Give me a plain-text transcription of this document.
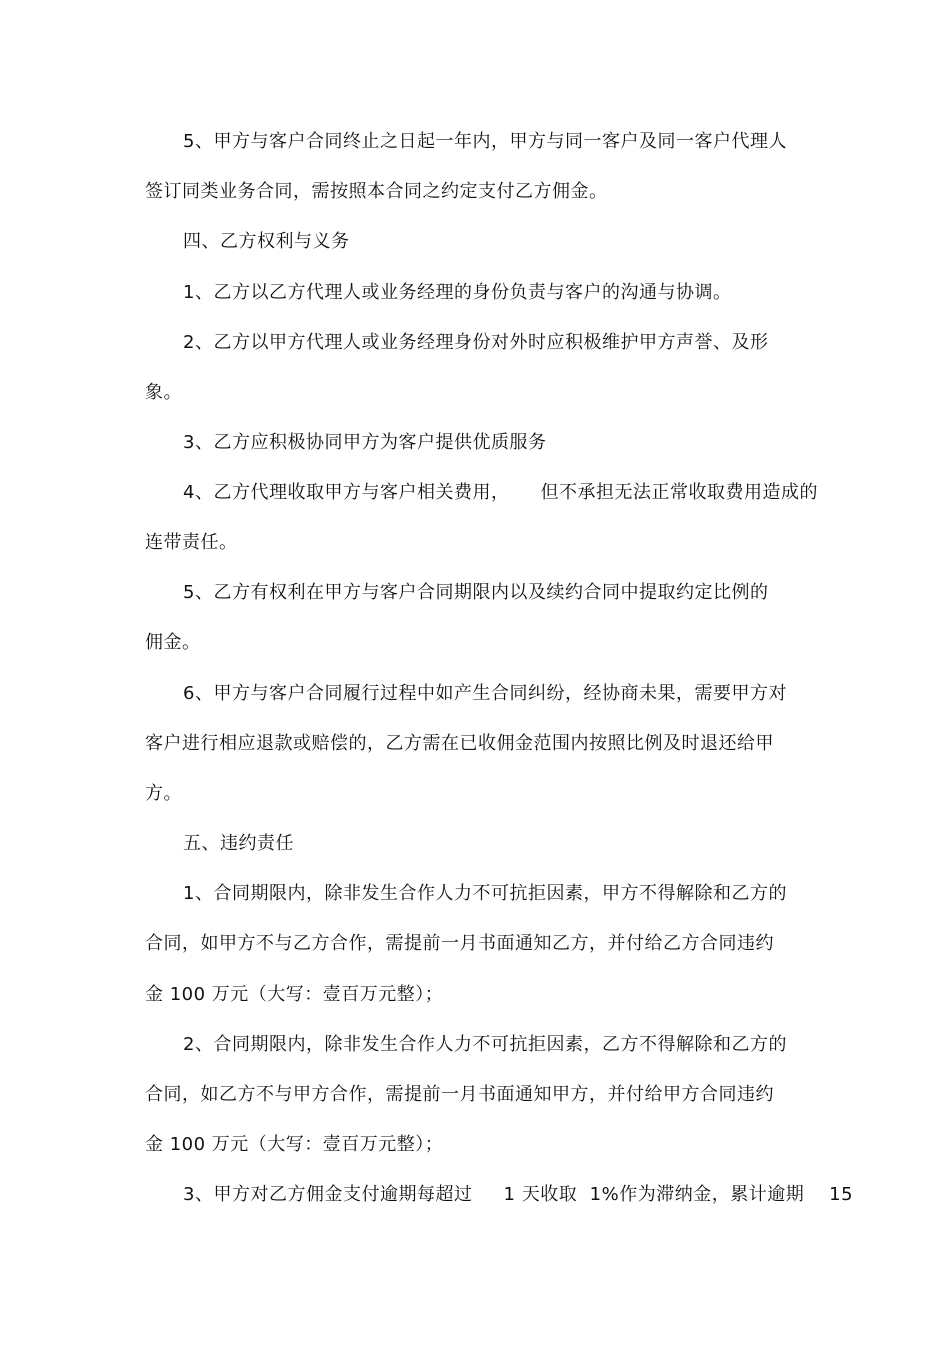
5、甲方与客户合同终止之日起一年内，甲方与同一客户及同一客户代理人
签订同类业务合同，需按照本合同之约定支付乙方佣金。
四、乙方权利与义务
1、乙方以乙方代理人或业务经理的身份负责与客户的沟通与协调。
2、乙方以甲方代理人或业务经理身份对外时应积极维护甲方声誉、及形
象。
3、乙方应积极协同甲方为客户提供优质服务
4、乙方代理收取甲方与客户相关费用，     但不承担无法正常收取费用造成的
连带责任。
5、乙方有权利在甲方与客户合同期限内以及续约合同中提取约定比例的
佣金。
6、甲方与客户合同履行过程中如产生合同纠纷，经协商未果，需要甲方对
客户进行相应退款或赔偿的，乙方需在已收佣金范围内按照比例及时退还给甲
方。
五、违约责任
1、合同期限内，除非发生合作人力不可抗拒因素，甲方不得解除和乙方的
合同，如甲方不与乙方合作，需提前一月书面通知乙方，并付给乙方合同违约
金 100 万元（大写：壹百万元整）；
2、合同期限内，除非发生合作人力不可抗拒因素，乙方不得解除和乙方的
合同，如乙方不与甲方合作，需提前一月书面通知甲方，并付给甲方合同违约
金 100 万元（大写：壹百万元整）；
3、甲方对乙方佣金支付逾期每超过     1 天收取  1%作为滞纳金，累计逾期    15
